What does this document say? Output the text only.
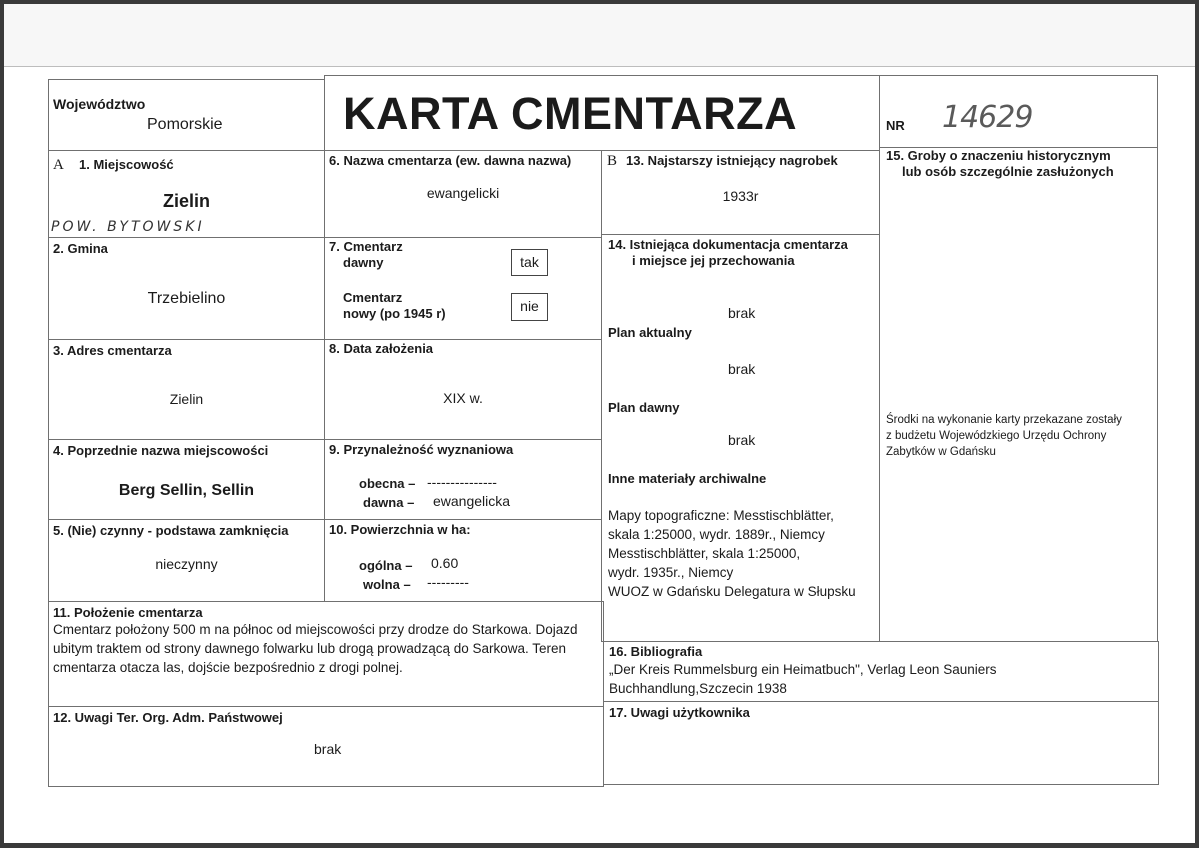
Województwo
Pomorskie	KARTA CMENTARZA	NR 14629
A 1. Miejscowość
Zielin
POW. BYTOWSKI
2. Gmina
Trzebielino
3. Adres cmentarza
Zielin
4. Poprzednie nazwa miejscowości
Berg Sellin, Sellin
5. (Nie) czynny - podstawa zamknięcia
nieczynny
6. Nazwa cmentarza (ew. dawna nazwa)
ewangelicki
7. Cmentarz
dawny	tak
Cmentarz
nowy (po 1945 r)	nie
8. Data założenia
XIX w.
9. Przynależność wyznaniowa
obecna – ---------------
dawna – ewangelicka
10. Powierzchnia w ha:
ogólna – 0.60
wolna – ---------
11. Położenie cmentarza
Cmentarz położony 500 m na północ od miejscowości przy drodze do Starkowa. Dojazd ubitym traktem od strony dawnego folwarku lub drogą prowadzącą do Sarkowa. Teren cmentarza otacza las, dojście bezpośrednio z drogi polnej.
12. Uwagi Ter. Org. Adm. Państwowej
brak
B 13. Najstarszy istniejący nagrobek
1933r
14. Istniejąca dokumentacja cmentarza
i miejsce jej przechowania
brak
Plan aktualny
brak
Plan dawny
brak
Inne materiały archiwalne
Mapy topograficzne: Messtischblätter,
skala 1:25000, wydr. 1889r., Niemcy
Messtischblätter, skala 1:25000,
wydr. 1935r., Niemcy
WUOZ w Gdańsku Delegatura w Słupsku
15. Groby o znaczeniu historycznym
lub osób szczególnie zasłużonych
Środki na wykonanie karty przekazane zostały
z budżetu Wojewódzkiego Urzędu Ochrony
Zabytków w Gdańsku
16. Bibliografia
„Der Kreis Rummelsburg ein Heimatbuch", Verlag Leon Sauniers
Buchhandlung,Szczecin 1938
17. Uwagi użytkownika
